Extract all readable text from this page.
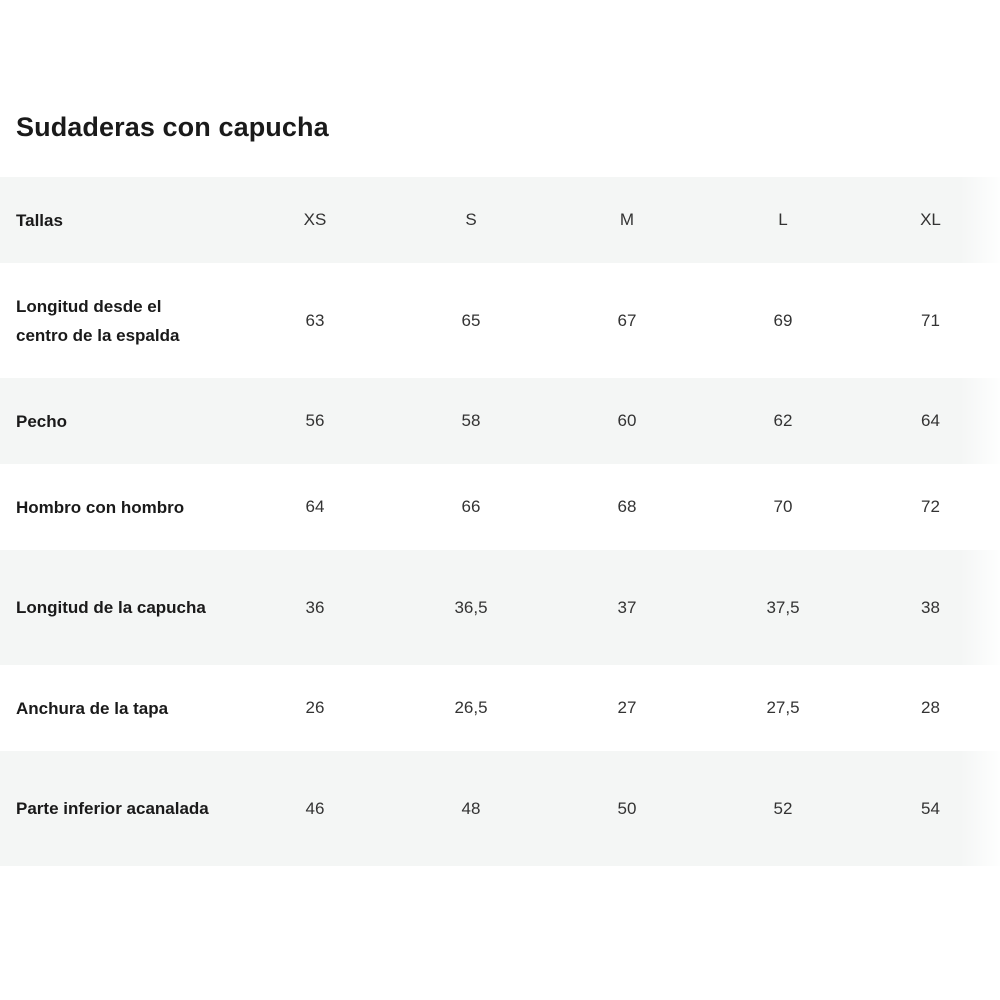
Sudaderas con capucha
Tallas	XS	S	M	L	XL

Longitud desde el centro de la espalda	63	65	67	69	71

Pecho	56	58	60	62	64

Hombro con hombro	64	66	68	70	72

Longitud de la capucha	36	36,5	37	37,5	38

Anchura de la tapa	26	26,5	27	27,5	28

Parte inferior acanalada	46	48	50	52	54
